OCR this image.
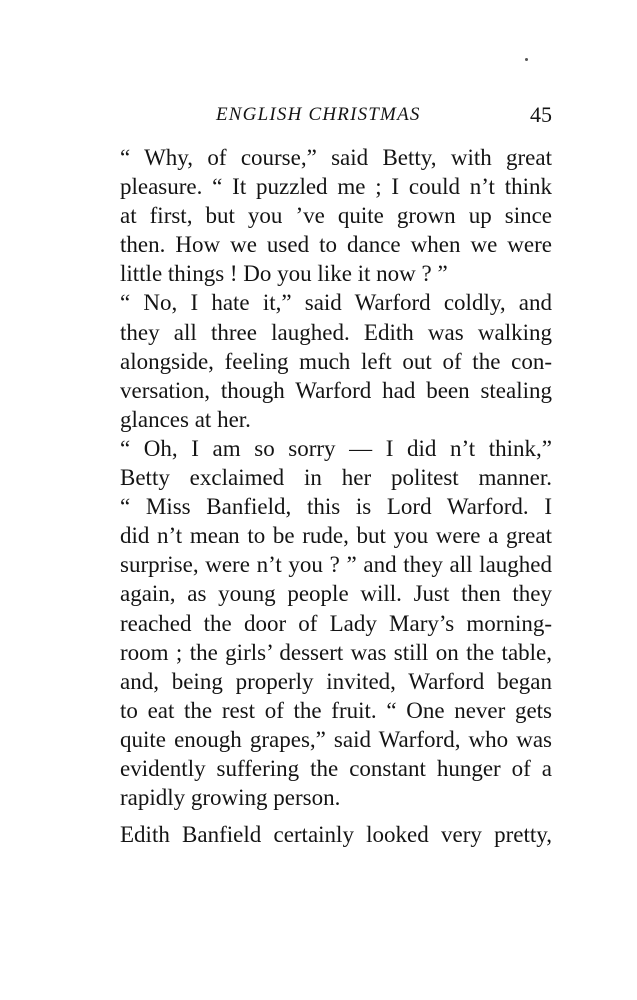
ENGLISH CHRISTMAS	45
“ Why, of course,” said Betty, with great
pleasure. “ It puzzled me ; I could n’t think
at first, but you ’ve quite grown up since
then. How we used to dance when we were
little things ! Do you like it now ? ”
“ No, I hate it,” said Warford coldly, and
they all three laughed. Edith was walking
alongside, feeling much left out of the con-
versation, though Warford had been stealing
glances at her.
“ Oh, I am so sorry — I did n’t think,”
Betty exclaimed in her politest manner.
“ Miss Banfield, this is Lord Warford. I
did n’t mean to be rude, but you were a great
surprise, were n’t you ? ” and they all laughed
again, as young people will. Just then they
reached the door of Lady Mary’s morning-
room ; the girls’ dessert was still on the table,
and, being properly invited, Warford began
to eat the rest of the fruit. “ One never gets
quite enough grapes,” said Warford, who was
evidently suffering the constant hunger of a
rapidly growing person.
Edith Banfield certainly looked very pretty,
